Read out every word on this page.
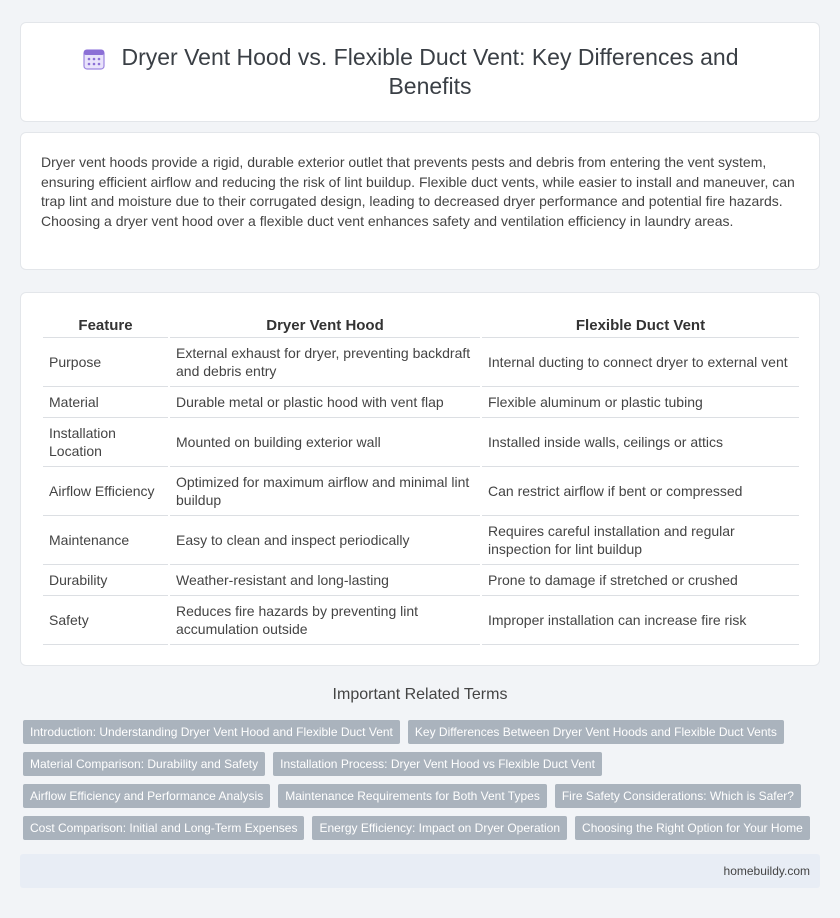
Dryer Vent Hood vs. Flexible Duct Vent: Key Differences and Benefits

Dryer vent hoods provide a rigid, durable exterior outlet that prevents pests and debris from entering the vent system, ensuring efficient airflow and reducing the risk of lint buildup. Flexible duct vents, while easier to install and maneuver, can trap lint and moisture due to their corrugated design, leading to decreased dryer performance and potential fire hazards. Choosing a dryer vent hood over a flexible duct vent enhances safety and ventilation efficiency in laundry areas.

Feature	Dryer Vent Hood	Flexible Duct Vent
Purpose	External exhaust for dryer, preventing backdraft and debris entry	Internal ducting to connect dryer to external vent
Material	Durable metal or plastic hood with vent flap	Flexible aluminum or plastic tubing
Installation Location	Mounted on building exterior wall	Installed inside walls, ceilings or attics
Airflow Efficiency	Optimized for maximum airflow and minimal lint buildup	Can restrict airflow if bent or compressed
Maintenance	Easy to clean and inspect periodically	Requires careful installation and regular inspection for lint buildup
Durability	Weather-resistant and long-lasting	Prone to damage if stretched or crushed
Safety	Reduces fire hazards by preventing lint accumulation outside	Improper installation can increase fire risk
Important Related Terms
Introduction: Understanding Dryer Vent Hood and Flexible Duct Vent	Key Differences Between Dryer Vent Hoods and Flexible Duct Vents
Material Comparison: Durability and Safety	Installation Process: Dryer Vent Hood vs Flexible Duct Vent
Airflow Efficiency and Performance Analysis	Maintenance Requirements for Both Vent Types	Fire Safety Considerations: Which is Safer?
Cost Comparison: Initial and Long-Term Expenses	Energy Efficiency: Impact on Dryer Operation	Choosing the Right Option for Your Home
homebuildy.com
